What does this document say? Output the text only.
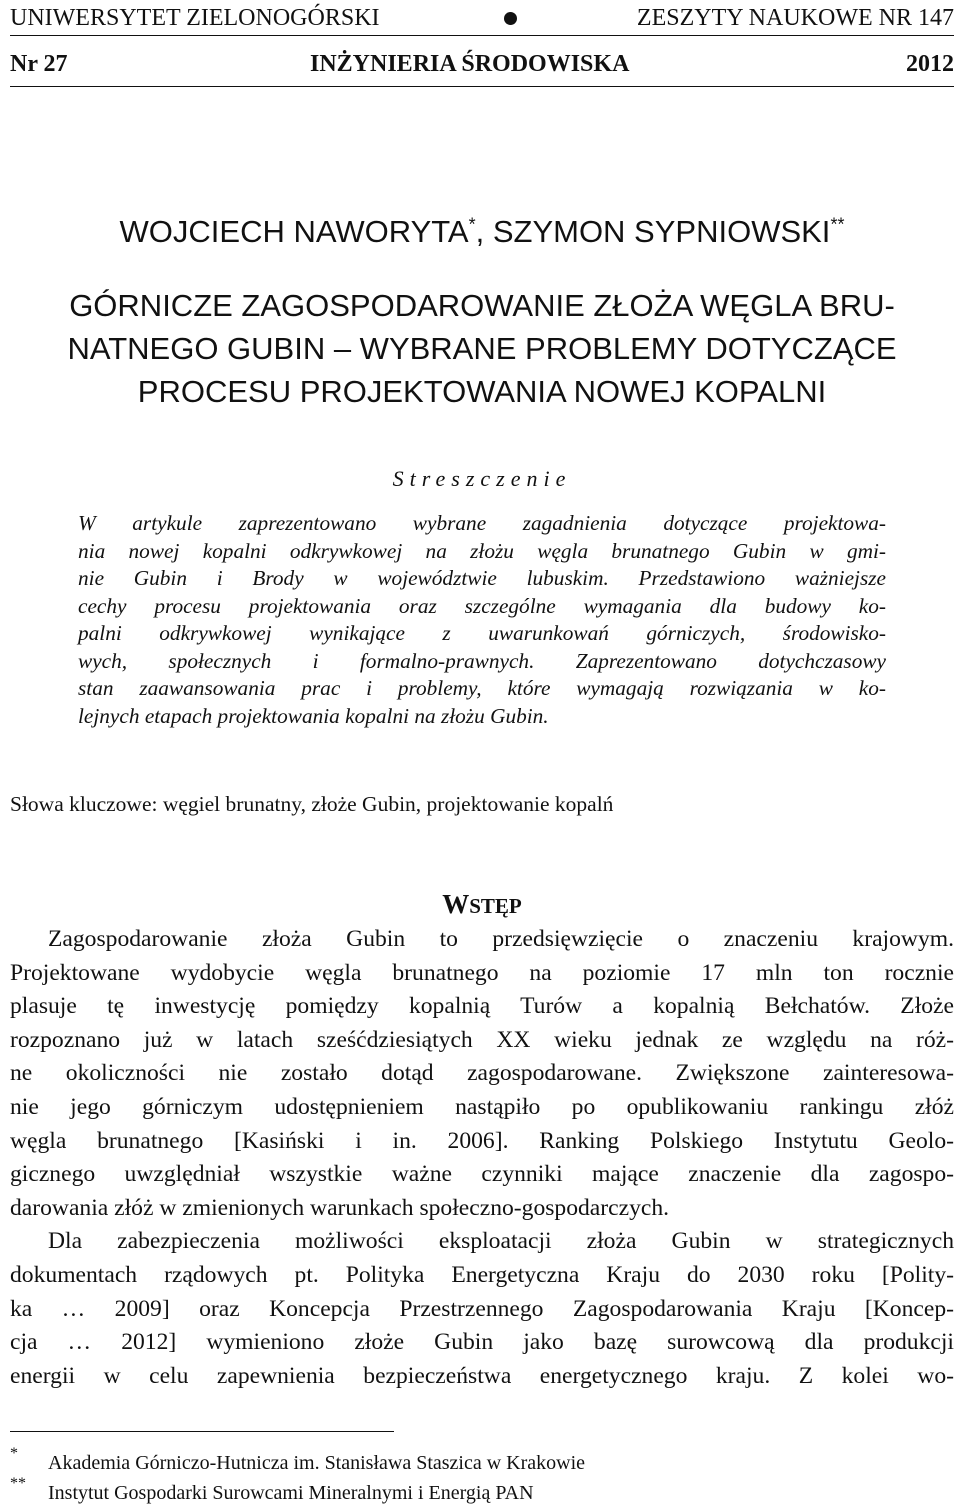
UNIWERSYTET ZIELONOGÓRSKI	ZESZYTY NAUKOWE NR 147
Nr 27	INŻYNIERIA ŚRODOWISKA	2012
WOJCIECH NAWORYTA*, SZYMON SYPNIOWSKI**
GÓRNICZE ZAGOSPODAROWANIE ZŁOŻA WĘGLA BRU-
NATNEGO GUBIN – WYBRANE PROBLEMY DOTYCZĄCE
PROCESU PROJEKTOWANIA NOWEJ KOPALNI
Streszczenie
W artykule zaprezentowano wybrane zagadnienia dotyczące projektowa-
nia nowej kopalni odkrywkowej na złożu węgla brunatnego Gubin w gmi-
nie Gubin i Brody w województwie lubuskim. Przedstawiono ważniejsze
cechy procesu projektowania oraz szczególne wymagania dla budowy ko-
palni odkrywkowej wynikające z uwarunkowań górniczych, środowisko-
wych, społecznych i formalno-prawnych. Zaprezentowano dotychczasowy
stan zaawansowania prac i problemy, które wymagają rozwiązania w ko-
lejnych etapach projektowania kopalni na złożu Gubin.
Słowa kluczowe: węgiel brunatny, złoże Gubin, projektowanie kopalń
WSTĘP
Zagospodarowanie złoża Gubin to przedsięwzięcie o znaczeniu krajowym.
Projektowane wydobycie węgla brunatnego na poziomie 17 mln ton rocznie
plasuje tę inwestycję pomiędzy kopalnią Turów a kopalnią Bełchatów. Złoże
rozpoznano już w latach sześćdziesiątych XX wieku jednak ze względu na róż-
ne okoliczności nie zostało dotąd zagospodarowane. Zwiększone zainteresowa-
nie jego górniczym udostępnieniem nastąpiło po opublikowaniu rankingu złóż
węgla brunatnego [Kasiński i in. 2006]. Ranking Polskiego Instytutu Geolo-
gicznego uwzględniał wszystkie ważne czynniki mające znaczenie dla zagospo-
darowania złóż w zmienionych warunkach społeczno-gospodarczych.
Dla zabezpieczenia możliwości eksploatacji złoża Gubin w strategicznych
dokumentach rządowych pt. Polityka Energetyczna Kraju do 2030 roku [Polity-
ka … 2009] oraz Koncepcja Przestrzennego Zagospodarowania Kraju [Koncep-
cja … 2012] wymieniono złoże Gubin jako bazę surowcową dla produkcji
energii w celu zapewnienia bezpieczeństwa energetycznego kraju. Z kolei wo-
* Akademia Górniczo-Hutnicza im. Stanisława Staszica w Krakowie
** Instytut Gospodarki Surowcami Mineralnymi i Energią PAN
